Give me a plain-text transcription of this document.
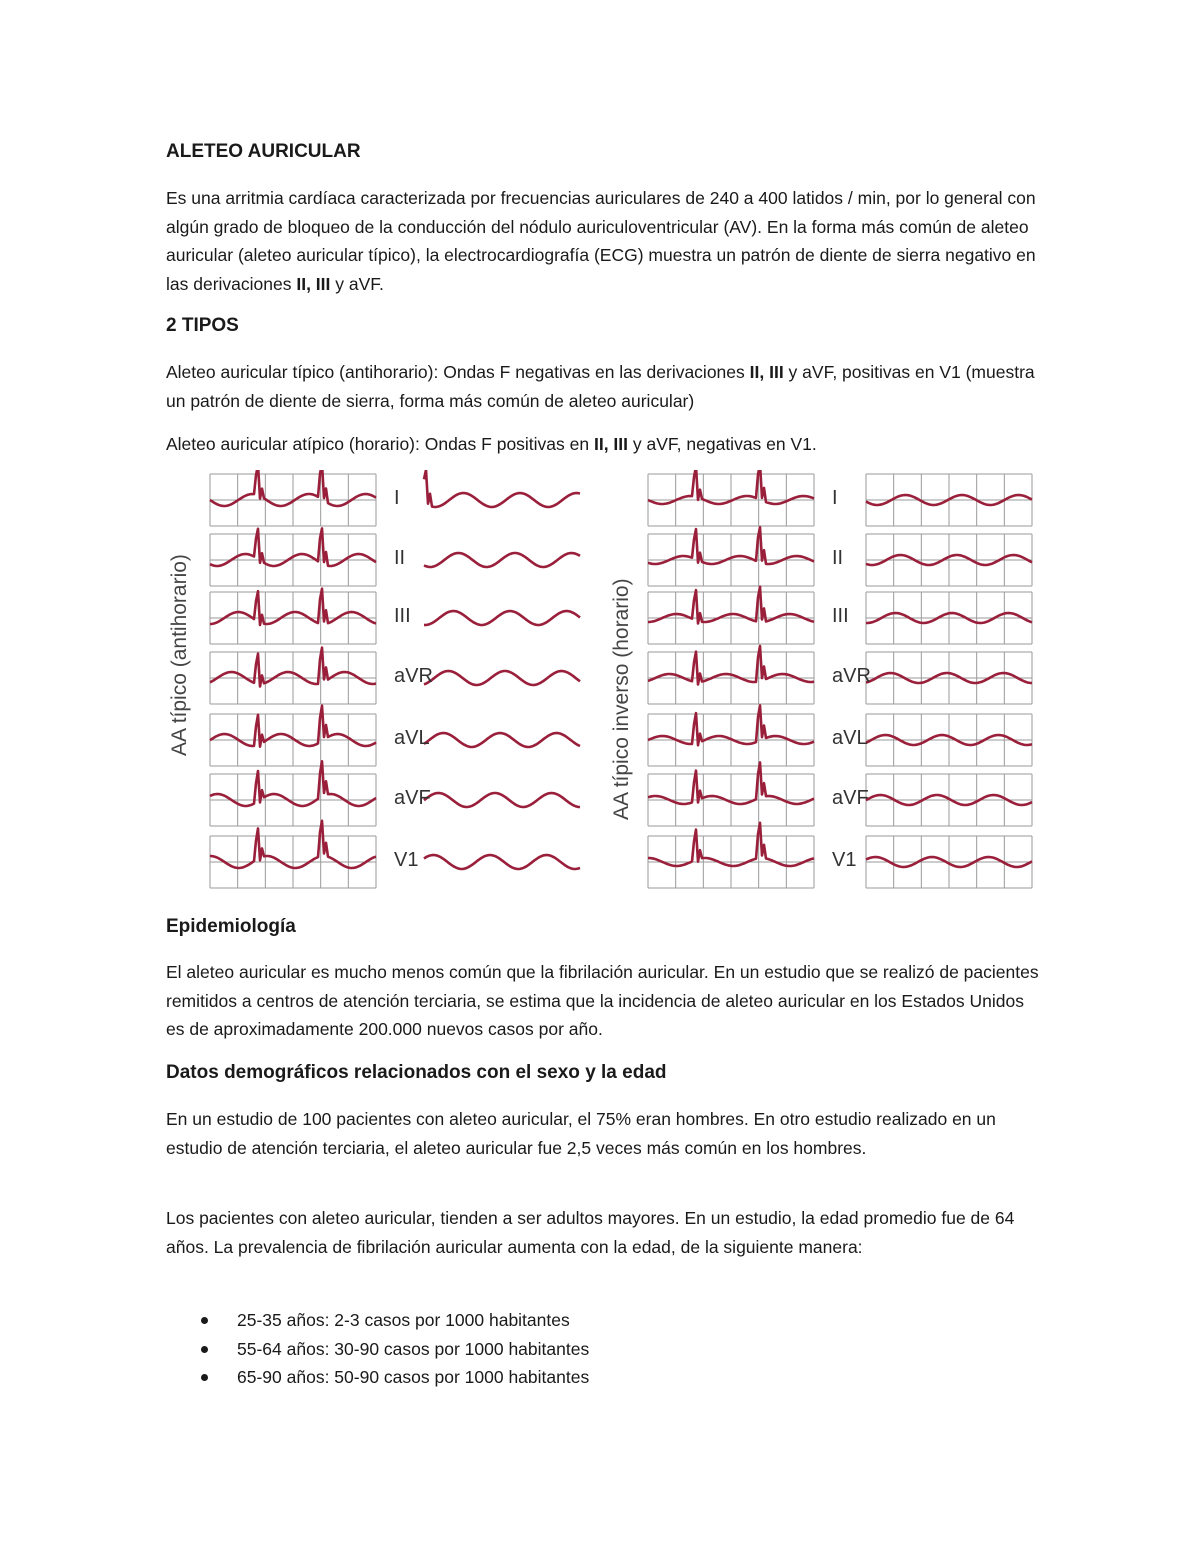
ALETEO AURICULAR

Es una arritmia cardíaca caracterizada por frecuencias auriculares de 240 a 400 latidos / min, por lo general con algún grado de bloqueo de la conducción del nódulo auriculoventricular (AV). En la forma más común de aleteo auricular (aleteo auricular típico), la electrocardiografía (ECG) muestra un patrón de diente de sierra negativo en las derivaciones II, III y aVF.

2 TIPOS

Aleteo auricular típico (antihorario): Ondas F negativas en las derivaciones II, III y aVF, positivas en V1 (muestra un patrón de diente de sierra, forma más común de aleteo auricular)

Aleteo auricular atípico (horario): Ondas F positivas en II, III y aVF, negativas en V1.

I
II
III
aVR
aVL
aVF
V1
I
II
III
aVR
aVL
aVF
V1
AA típico (antihorario)	AA típico inverso (horario)
Epidemiología

El aleteo auricular es mucho menos común que la fibrilación auricular. En un estudio que se realizó de pacientes remitidos a centros de atención terciaria, se estima que la incidencia de aleteo auricular en los Estados Unidos es de aproximadamente 200.000 nuevos casos por año.

Datos demográficos relacionados con el sexo y la edad

En un estudio de 100 pacientes con aleteo auricular, el 75% eran hombres. En otro estudio realizado en un estudio de atención terciaria, el aleteo auricular fue 2,5 veces más común en los hombres.

Los pacientes con aleteo auricular, tienden a ser adultos mayores. En un estudio, la edad promedio fue de 64 años. La prevalencia de fibrilación auricular aumenta con la edad, de la siguiente manera:

25-35 años: 2-3 casos por 1000 habitantes
55-64 años: 30-90 casos por 1000 habitantes
65-90 años: 50-90 casos por 1000 habitantes
